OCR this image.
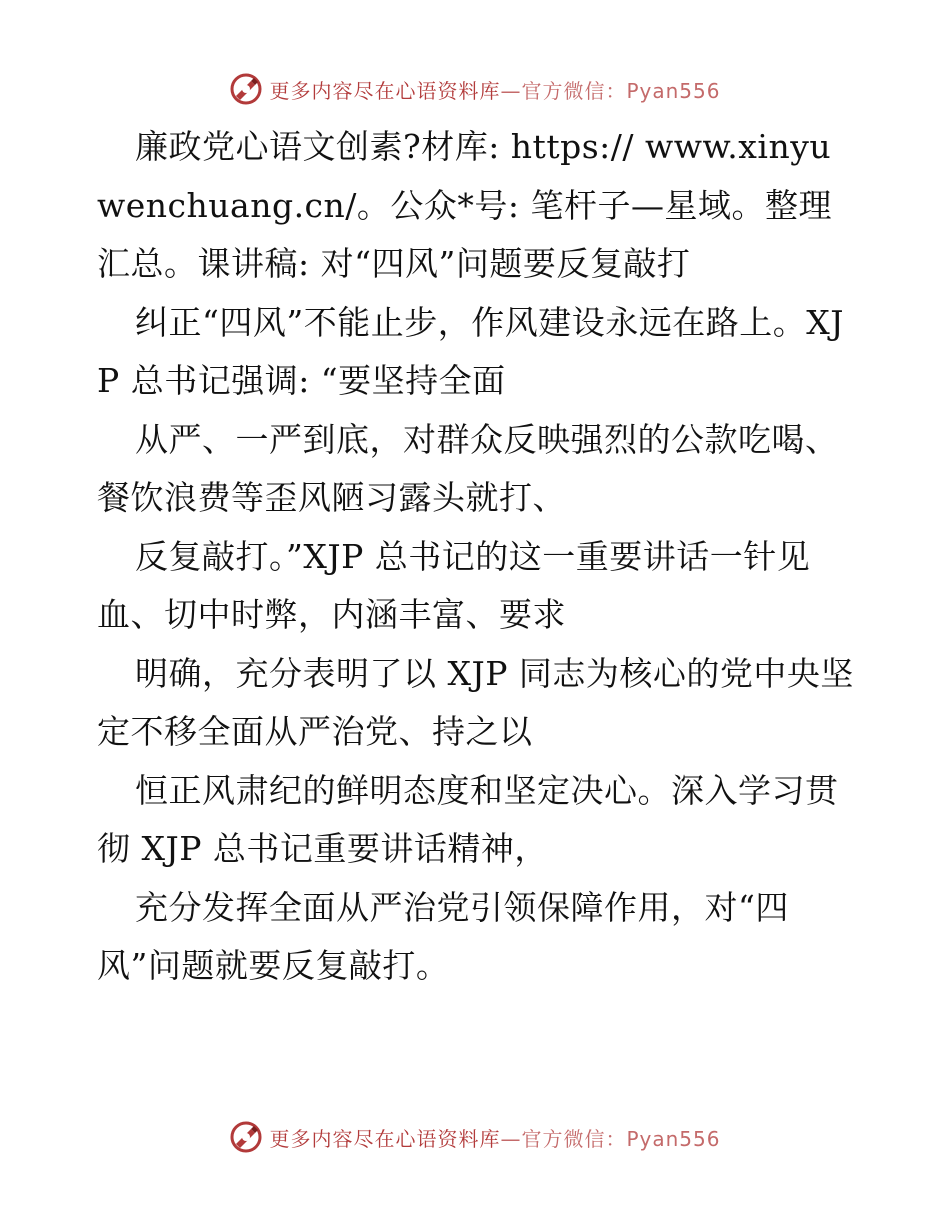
更多内容尽在心语资料库—官方微信：Pyan556

廉政党心语文创素?材库: https:// www.xinyuwenchuang.cn/。公众*号: 笔杆子—星域。整理汇总。课讲稿: 对“四风”问题要反复敲打

纠正“四风”不能止步，作风建设永远在路上。XJP 总书记强调: “要坚持全面

从严、一严到底，对群众反映强烈的公款吃喝、餐饮浪费等歪风陋习露头就打、

反复敲打。”XJP 总书记的这一重要讲话一针见血、切中时弊，内涵丰富、要求

明确，充分表明了以 XJP 同志为核心的党中央坚定不移全面从严治党、持之以

恒正风肃纪的鲜明态度和坚定决心。深入学习贯彻 XJP 总书记重要讲话精神，

充分发挥全面从严治党引领保障作用，对“四风”问题就要反复敲打。

更多内容尽在心语资料库—官方微信：Pyan556
